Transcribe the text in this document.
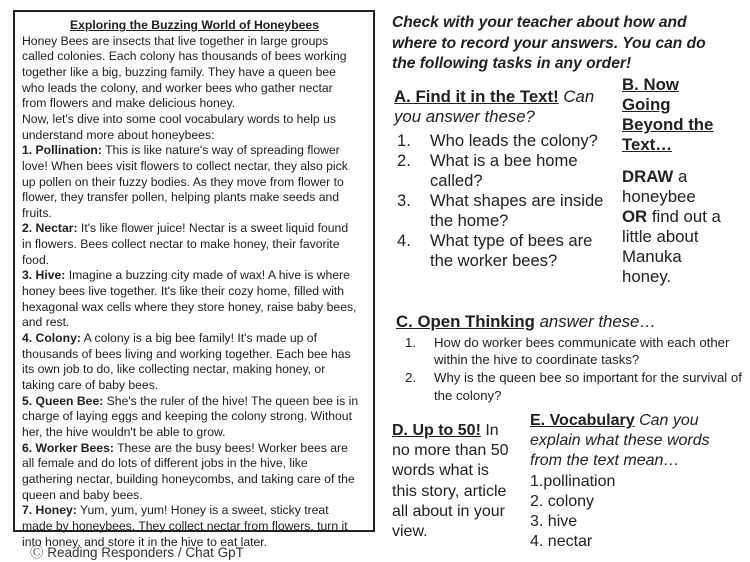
Exploring the Buzzing World of Honeybees

Honey Bees are insects that live together in large groups

called colonies. Each colony has thousands of bees working

together like a big, buzzing family. They have a queen bee

who leads the colony, and worker bees who gather nectar

from flowers and make delicious honey.

Now, let's dive into some cool vocabulary words to help us

understand more about honeybees:

1. Pollination: This is like nature's way of spreading flower

love! When bees visit flowers to collect nectar, they also pick

up pollen on their fuzzy bodies. As they move from flower to

flower, they transfer pollen, helping plants make seeds and

fruits.

2. Nectar: It's like flower juice! Nectar is a sweet liquid found

in flowers. Bees collect nectar to make honey, their favorite

food.

3. Hive: Imagine a buzzing city made of wax! A hive is where

honey bees live together. It's like their cozy home, filled with

hexagonal wax cells where they store honey, raise baby bees,

and rest.

4. Colony: A colony is a big bee family! It's made up of

thousands of bees living and working together. Each bee has

its own job to do, like collecting nectar, making honey, or

taking care of baby bees.

5. Queen Bee: She's the ruler of the hive! The queen bee is in

charge of laying eggs and keeping the colony strong. Without

her, the hive wouldn't be able to grow.

6. Worker Bees: These are the busy bees! Worker bees are

all female and do lots of different jobs in the hive, like

gathering nectar, building honeycombs, and taking care of the

queen and baby bees.

7. Honey: Yum, yum, yum! Honey is a sweet, sticky treat

made by honeybees. They collect nectar from flowers, turn it

into honey, and store it in the hive to eat later.

Ⓒ Reading Responders / Chat GpT
Check with your teacher about how and
where to record your answers. You can do
the following tasks in any order!
A. Find it in the Text! Can
you answer these?
1. Who leads the colony?
2. What is a bee home called?
3. What shapes are inside the home?
4. What type of bees are the worker bees?
B. Now
Going
Beyond the
Text…
DRAW a
honeybee
OR find out a
little about
Manuka
honey.
C. Open Thinking answer these…
1. How do worker bees communicate with each other within the hive to coordinate tasks?
2. Why is the queen bee so important for the survival of the colony?
D. Up to 50! In
no more than 50
words what is
this story, article
all about in your
view.
E. Vocabulary Can you
explain what these words
from the text mean…
1.pollination
2. colony
3. hive
4. nectar
